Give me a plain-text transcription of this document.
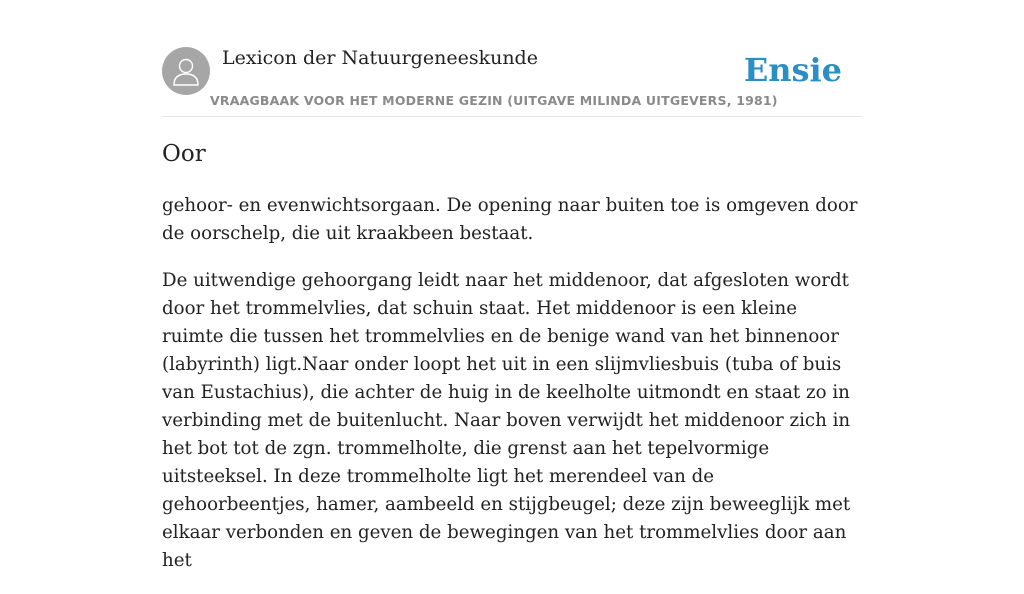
Lexicon der Natuurgeneeskunde

VRAAGBAAK VOOR HET MODERNE GEZIN (UITGAVE MILINDA UITGEVERS, 1981)

Ensie
Oor

gehoor- en evenwichtsorgaan. De opening naar buiten toe is omgeven door de oorschelp, die uit kraakbeen bestaat.

De uitwendige gehoorgang leidt naar het middenoor, dat afgesloten wordt door het trommelvlies, dat schuin staat. Het middenoor is een kleine ruimte die tussen het trommelvlies en de benige wand van het binnenoor (labyrinth) ligt.Naar onder loopt het uit in een slijmvliesbuis (tuba of buis van Eustachius), die achter de huig in de keelholte uitmondt en staat zo in verbinding met de buitenlucht. Naar boven verwijdt het middenoor zich in het bot tot de zgn. trommelholte, die grenst aan het tepelvormige uitsteeksel. In deze trommelholte ligt het merendeel van de gehoorbeentjes, hamer, aambeeld en stijgbeugel; deze zijn beweeglijk met elkaar verbonden en geven de bewegingen van het trommelvlies door aan het
